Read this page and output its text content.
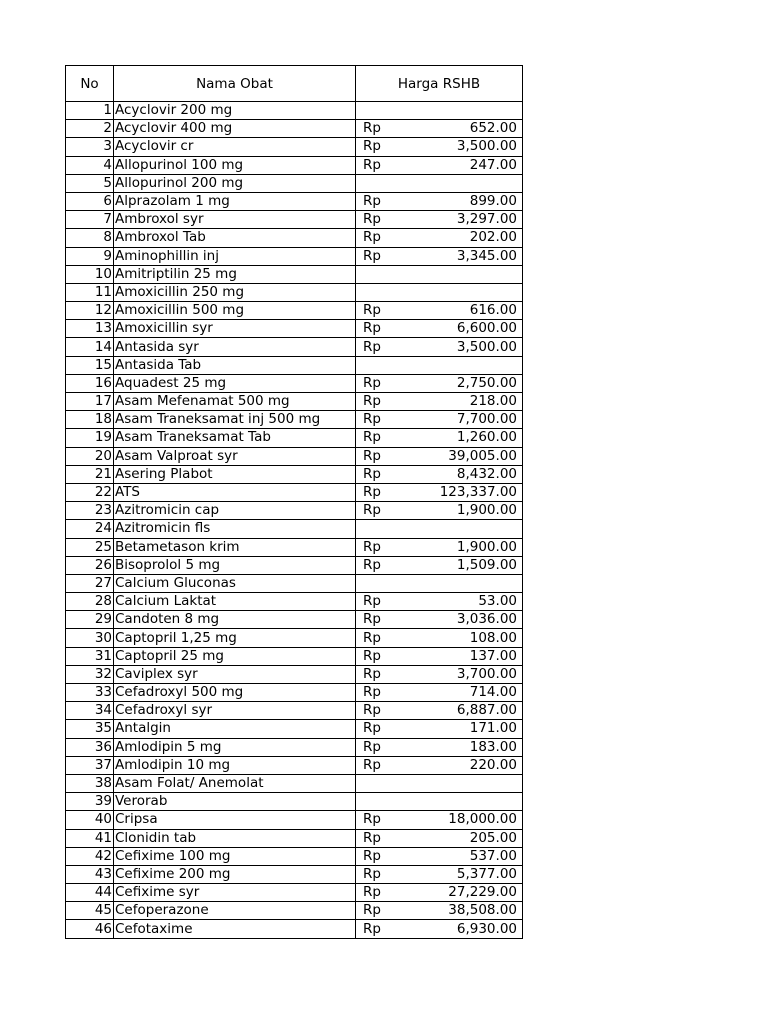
No	Nama Obat	Harga RSHB	
1	Acyclovir 200 mg		
2	Acyclovir 400 mg	Rp	652.00
3	Acyclovir cr	Rp	3,500.00
4	Allopurinol 100 mg	Rp	247.00
5	Allopurinol 200 mg		
6	Alprazolam 1 mg	Rp	899.00
7	Ambroxol syr	Rp	3,297.00
8	Ambroxol Tab	Rp	202.00
9	Aminophillin inj	Rp	3,345.00
10	Amitriptilin 25 mg		
11	Amoxicillin 250 mg		
12	Amoxicillin 500 mg	Rp	616.00
13	Amoxicillin syr	Rp	6,600.00
14	Antasida syr	Rp	3,500.00
15	Antasida Tab		
16	Aquadest 25 mg	Rp	2,750.00
17	Asam Mefenamat 500 mg	Rp	218.00
18	Asam Traneksamat inj 500 mg	Rp	7,700.00
19	Asam Traneksamat Tab	Rp	1,260.00
20	Asam Valproat syr	Rp	39,005.00
21	Asering Plabot	Rp	8,432.00
22	ATS	Rp	123,337.00
23	Azitromicin cap	Rp	1,900.00
24	Azitromicin fls		
25	Betametason krim	Rp	1,900.00
26	Bisoprolol 5 mg	Rp	1,509.00
27	Calcium Gluconas		
28	Calcium Laktat	Rp	53.00
29	Candoten 8 mg	Rp	3,036.00
30	Captopril 1,25 mg	Rp	108.00
31	Captopril 25 mg	Rp	137.00
32	Caviplex syr	Rp	3,700.00
33	Cefadroxyl 500 mg	Rp	714.00
34	Cefadroxyl syr	Rp	6,887.00
35	Antalgin	Rp	171.00
36	Amlodipin 5 mg	Rp	183.00
37	Amlodipin 10 mg	Rp	220.00
38	Asam Folat/ Anemolat		
39	Verorab		
40	Cripsa	Rp	18,000.00
41	Clonidin tab	Rp	205.00
42	Cefixime 100 mg	Rp	537.00
43	Cefixime 200 mg	Rp	5,377.00
44	Cefixime syr	Rp	27,229.00
45	Cefoperazone	Rp	38,508.00
46	Cefotaxime	Rp	6,930.00
